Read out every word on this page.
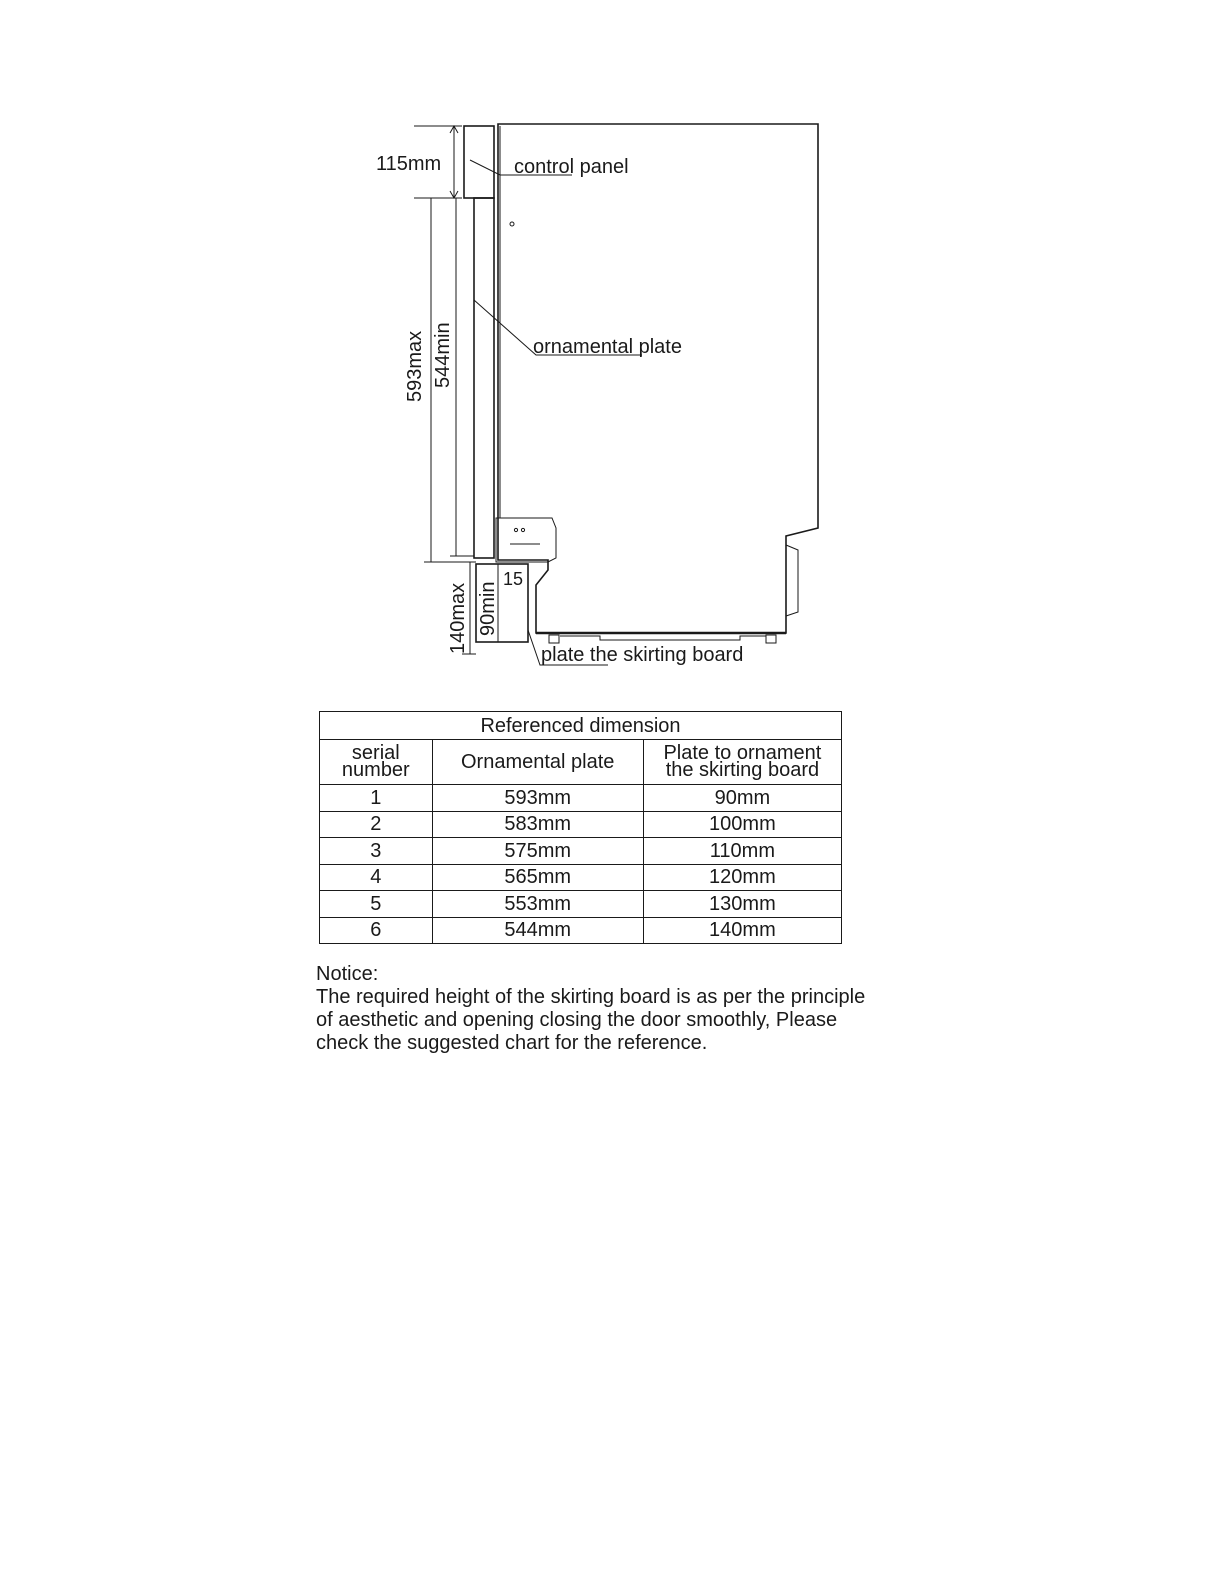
115mm
593max 544min
140max 90min
15
control panel
ornamental plate
plate the skirting board
Referenced dimension		
serial
number	Ornamental plate	Plate to ornament
the skirting board
1	593mm	90mm
2	583mm	100mm
3	575mm	110mm
4	565mm	120mm
5	553mm	130mm
6	544mm	140mm

Notice:

The required height of the skirting board is as per the principle

of aesthetic and opening closing the door smoothly, Please

check the suggested chart for the reference.
